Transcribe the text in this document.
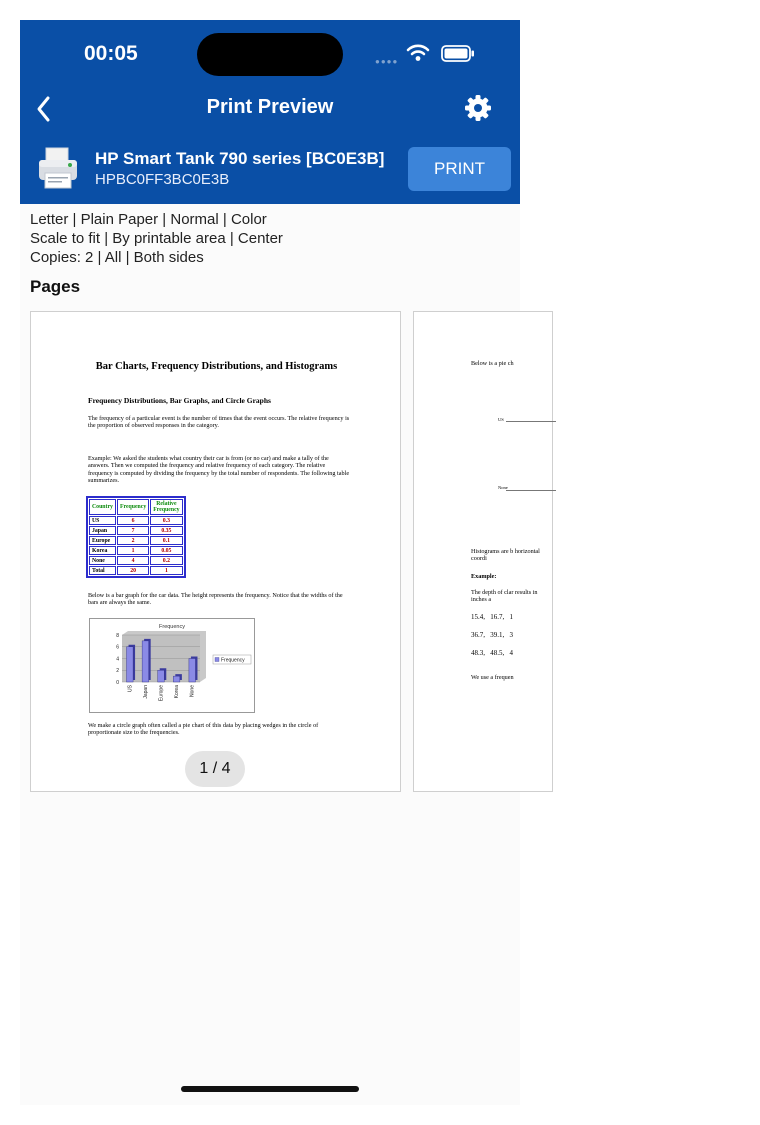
00:05	●●●●
Print Preview
HP Smart Tank 790 series [BC0E3B]
HPBC0FF3BC0E3B
PRINT
Letter | Plain Paper | Normal | Color
Scale to fit | By printable area | Center
Copies: 2 | All | Both sides
Pages
Bar Charts, Frequency Distributions, and Histograms
Frequency Distributions, Bar Graphs, and Circle Graphs
The frequency of a particular event is the number of times that the event occurs. The relative frequency is the proportion of observed responses in the category.
Example: We asked the students what country their car is from (or no car) and make a tally of the answers. Then we computed the frequency and relative frequency of each category. The relative frequency is computed by dividing the frequency by the total number of respondents. The following table summarizes.
Country	Frequency	Relative Frequency
US	6	0.3
Japan	7	0.35
Europe	2	0.1
Korea	1	0.05
None	4	0.2
Total	20	1
Below is a bar graph for the car data. The height represents the frequency. Notice that the widths of the bars are always the same.
Frequency
0
2
4
6
8
US Japan Europe Korea None
Frequency
We make a circle graph often called a pie chart of this data by placing wedges in the circle of proportionate size to the frequencies.
Below is a pie ch
US
None
Histograms are b horizontal coordi
Example:
The depth of clar results in inches a
15.4,   16.7,   1
36.7,   39.1,   3
48.3,   48.5,   4
We use a frequen
1 / 4
